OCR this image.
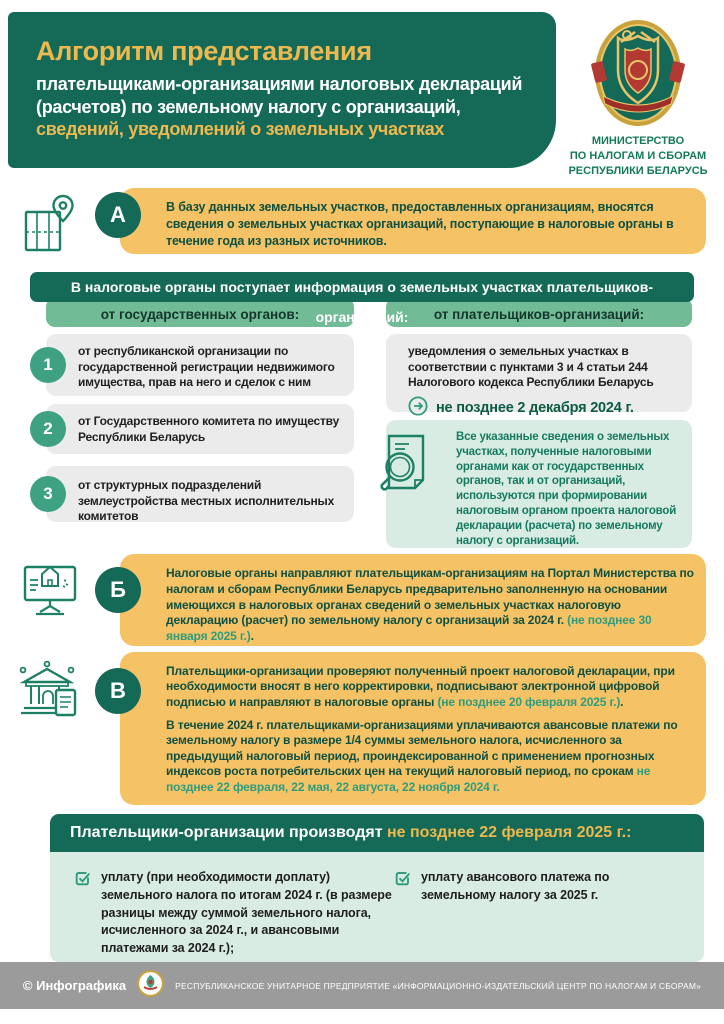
Алгоритм представления
плательщиками-организациями налоговых деклараций
(расчетов) по земельному налогу с организаций,
сведений, уведомлений о земельных участках
МИНИСТЕРСТВО
ПО НАЛОГАМ И СБОРАМ
РЕСПУБЛИКИ БЕЛАРУСЬ
А	В базу данных земельных участков, предоставленных организациям, вносятся сведения о земельных участках организаций, поступающие в налоговые органы в течение года из разных источников.
В налоговые органы поступает информация о земельных участках плательщиков-организаций:
от государственных органов:	от плательщиков-организаций:
1
от республиканской организации по государственной регистрации недвижимого имущества, прав на него и сделок с ним
2	от Государственного комитета по имуществу Республики Беларусь
3	от структурных подразделений землеустройства местных исполнительных комитетов
уведомления о земельных участках в соответствии с пунктами 3 и 4 статьи 244 Налогового кодекса Республики Беларусь
не позднее 2 декабря 2024 г.
Все указанные сведения о земельных участках, полученные налоговыми органами как от государственных органов, так и от организаций, используются при формировании налоговым органом проекта налоговой декларации (расчета) по земельному налогу с организаций.
Б
Налоговые органы направляют плательщикам-организациям на Портал Министерства по налогам и сборам Республики Беларусь предварительно заполненную на основании имеющихся в налоговых органах сведений о земельных участках налоговую декларацию (расчет) по земельному налогу с организаций за 2024 г. (не позднее 30 января 2025 г.).
В

Плательщики-организации проверяют полученный проект налоговой декларации, при необходимости вносят в него корректировки, подписывают электронной цифровой подписью и направляют в налоговые органы (не позднее 20 февраля 2025 г.).

В течение 2024 г. плательщиками-организациями уплачиваются авансовые платежи по земельному налогу в размере 1/4 суммы земельного налога, исчисленного за предыдущий налоговый период, проиндексированной с применением прогнозных индексов роста потребительских цен на текущий налоговый период, по срокам не позднее 22 февраля, 22 мая, 22 августа, 22 ноября 2024 г.

Плательщики-организации производят не позднее 22 февраля 2025 г.:
уплату (при необходимости доплату) земельного налога по итогам 2024 г. (в размере разницы между суммой земельного налога, исчисленного за 2024 г., и авансовыми платежами за 2024 г.);
уплату авансового платежа по земельному налогу за 2025 г.
© Инфографика	РЕСПУБЛИКАНСКОЕ УНИТАРНОЕ ПРЕДПРИЯТИЕ «ИНФОРМАЦИОННО-ИЗДАТЕЛЬСКИЙ ЦЕНТР ПО НАЛОГАМ И СБОРАМ»
